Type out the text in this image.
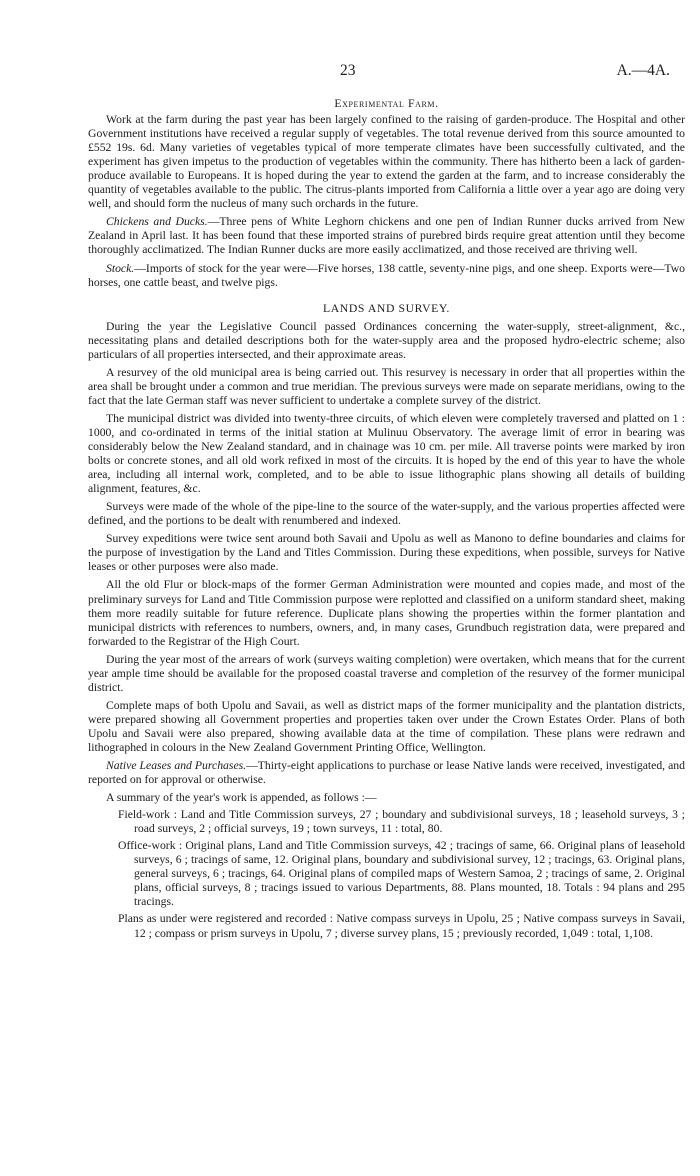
23	A.—4A.
Experimental Farm.

Work at the farm during the past year has been largely confined to the raising of garden-produce. The Hospital and other Government institutions have received a regular supply of vegetables. The total revenue derived from this source amounted to £552 19s. 6d. Many varieties of vegetables typical of more temperate climates have been successfully cultivated, and the experiment has given impetus to the production of vegetables within the community. There has hitherto been a lack of garden-produce available to Europeans. It is hoped during the year to extend the garden at the farm, and to increase considerably the quantity of vegetables available to the public. The citrus-plants imported from California a little over a year ago are doing very well, and should form the nucleus of many such orchards in the future.

Chickens and Ducks.—Three pens of White Leghorn chickens and one pen of Indian Runner ducks arrived from New Zealand in April last. It has been found that these imported strains of purebred birds require great attention until they become thoroughly acclimatized. The Indian Runner ducks are more easily acclimatized, and those received are thriving well.

Stock.—Imports of stock for the year were—Five horses, 138 cattle, seventy-nine pigs, and one sheep. Exports were—Two horses, one cattle beast, and twelve pigs.

LANDS AND SURVEY.

During the year the Legislative Council passed Ordinances concerning the water-supply, street-alignment, &c., necessitating plans and detailed descriptions both for the water-supply area and the proposed hydro-electric scheme; also particulars of all properties intersected, and their approximate areas.

A resurvey of the old municipal area is being carried out. This resurvey is necessary in order that all properties within the area shall be brought under a common and true meridian. The previous surveys were made on separate meridians, owing to the fact that the late German staff was never sufficient to undertake a complete survey of the district.

The municipal district was divided into twenty-three circuits, of which eleven were completely traversed and platted on 1 : 1000, and co-ordinated in terms of the initial station at Mulinuu Observatory. The average limit of error in bearing was considerably below the New Zealand standard, and in chainage was 10 cm. per mile. All traverse points were marked by iron bolts or concrete stones, and all old work refixed in most of the circuits. It is hoped by the end of this year to have the whole area, including all internal work, completed, and to be able to issue lithographic plans showing all details of building alignment, features, &c.

Surveys were made of the whole of the pipe-line to the source of the water-supply, and the various properties affected were defined, and the portions to be dealt with renumbered and indexed.

Survey expeditions were twice sent around both Savaii and Upolu as well as Manono to define boundaries and claims for the purpose of investigation by the Land and Titles Commission. During these expeditions, when possible, surveys for Native leases or other purposes were also made.

All the old Flur or block-maps of the former German Administration were mounted and copies made, and most of the preliminary surveys for Land and Title Commission purpose were replotted and classified on a uniform standard sheet, making them more readily suitable for future reference. Duplicate plans showing the properties within the former plantation and municipal districts with references to numbers, owners, and, in many cases, Grundbuch registration data, were prepared and forwarded to the Registrar of the High Court.

During the year most of the arrears of work (surveys waiting completion) were overtaken, which means that for the current year ample time should be available for the proposed coastal traverse and completion of the resurvey of the former municipal district.

Complete maps of both Upolu and Savaii, as well as district maps of the former municipality and the plantation districts, were prepared showing all Government properties and properties taken over under the Crown Estates Order. Plans of both Upolu and Savaii were also prepared, showing available data at the time of compilation. These plans were redrawn and lithographed in colours in the New Zealand Government Printing Office, Wellington.

Native Leases and Purchases.—Thirty-eight applications to purchase or lease Native lands were received, investigated, and reported on for approval or otherwise.

A summary of the year's work is appended, as follows :—

Field-work : Land and Title Commission surveys, 27 ; boundary and subdivisional surveys, 18 ; leasehold surveys, 3 ; road surveys, 2 ; official surveys, 19 ; town surveys, 11 : total, 80.

Office-work : Original plans, Land and Title Commission surveys, 42 ; tracings of same, 66. Original plans of leasehold surveys, 6 ; tracings of same, 12. Original plans, boundary and subdivisional survey, 12 ; tracings, 63. Original plans, general surveys, 6 ; tracings, 64. Original plans of compiled maps of Western Samoa, 2 ; tracings of same, 2. Original plans, official surveys, 8 ; tracings issued to various Departments, 88. Plans mounted, 18. Totals : 94 plans and 295 tracings.

Plans as under were registered and recorded : Native compass surveys in Upolu, 25 ; Native compass surveys in Savaii, 12 ; compass or prism surveys in Upolu, 7 ; diverse survey plans, 15 ; previously recorded, 1,049 : total, 1,108.
